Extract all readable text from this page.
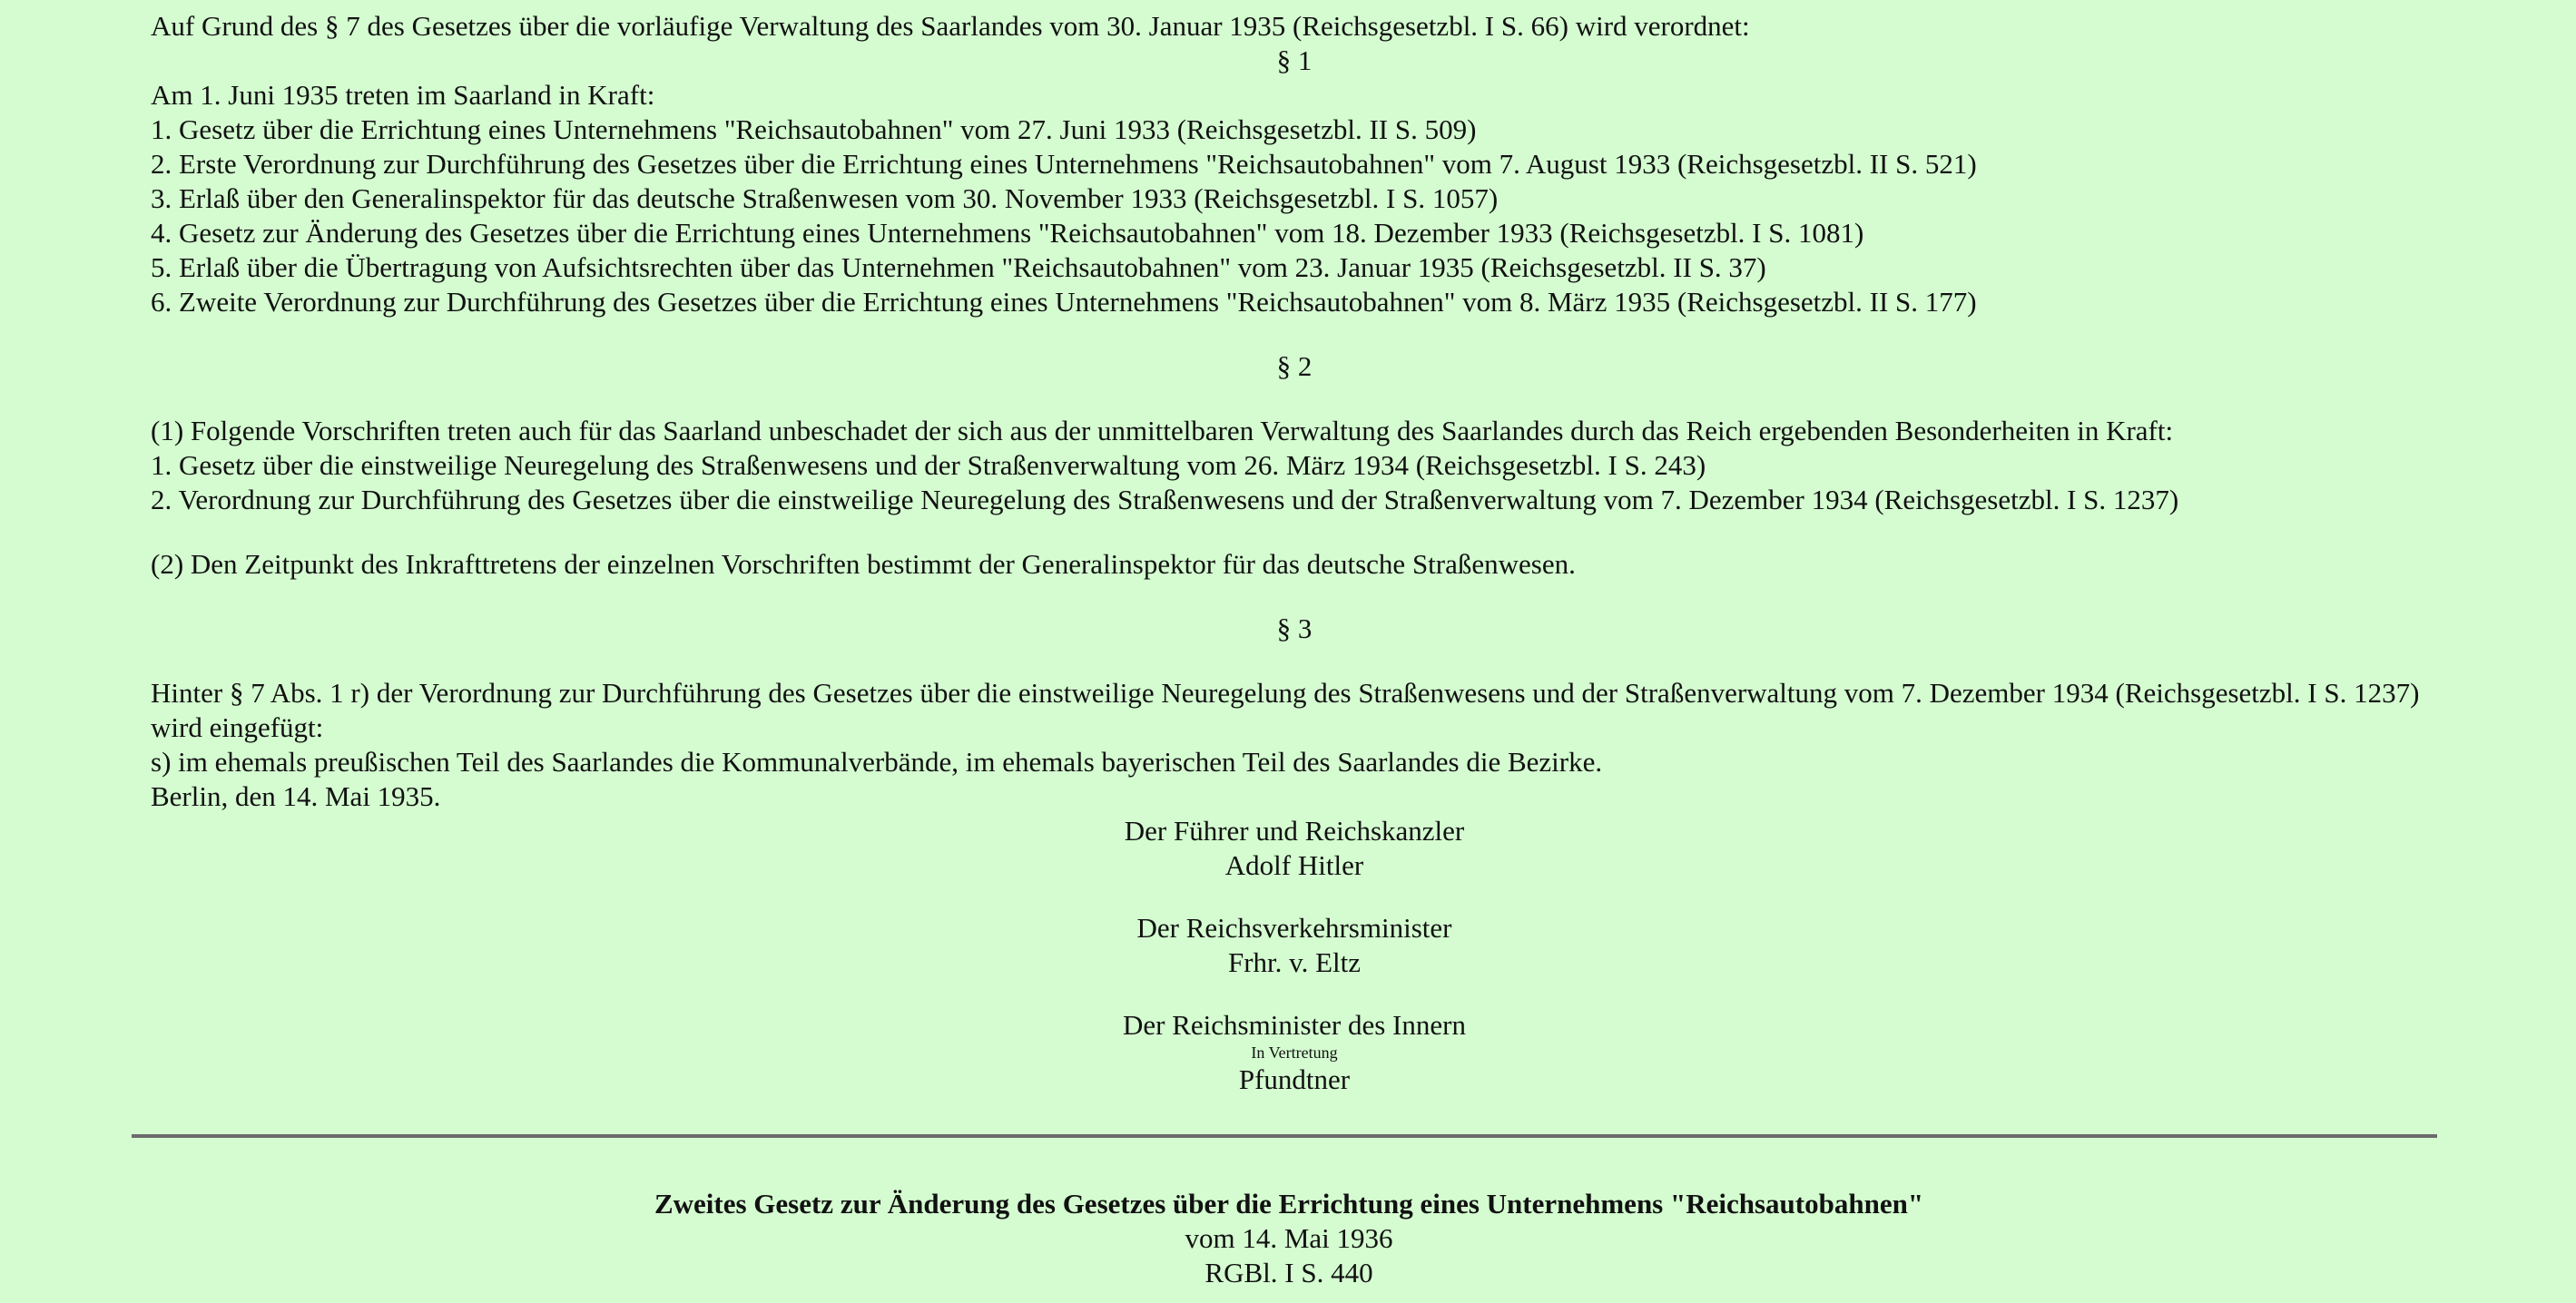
Auf Grund des § 7 des Gesetzes über die vorläufige Verwaltung des Saarlandes vom 30. Januar 1935 (Reichsgesetzbl. I S. 66) wird verordnet:

§ 1

Am 1. Juni 1935 treten im Saarland in Kraft:

1. Gesetz über die Errichtung eines Unternehmens "Reichsautobahnen" vom 27. Juni 1933 (Reichsgesetzbl. II S. 509)

2. Erste Verordnung zur Durchführung des Gesetzes über die Errichtung eines Unternehmens "Reichsautobahnen" vom 7. August 1933 (Reichsgesetzbl. II S. 521)

3. Erlaß über den Generalinspektor für das deutsche Straßenwesen vom 30. November 1933 (Reichsgesetzbl. I S. 1057)

4. Gesetz zur Änderung des Gesetzes über die Errichtung eines Unternehmens "Reichsautobahnen" vom 18. Dezember 1933 (Reichsgesetzbl. I S. 1081)

5. Erlaß über die Übertragung von Aufsichtsrechten über das Unternehmen "Reichsautobahnen" vom 23. Januar 1935 (Reichsgesetzbl. II S. 37)

6. Zweite Verordnung zur Durchführung des Gesetzes über die Errichtung eines Unternehmens "Reichsautobahnen" vom 8. März 1935 (Reichsgesetzbl. II S. 177)

§ 2

(1) Folgende Vorschriften treten auch für das Saarland unbeschadet der sich aus der unmittelbaren Verwaltung des Saarlandes durch das Reich ergebenden Besonderheiten in Kraft:

1. Gesetz über die einstweilige Neuregelung des Straßenwesens und der Straßenverwaltung vom 26. März 1934 (Reichsgesetzbl. I S. 243)

2. Verordnung zur Durchführung des Gesetzes über die einstweilige Neuregelung des Straßenwesens und der Straßenverwaltung vom 7. Dezember 1934 (Reichsgesetzbl. I S. 1237)

(2) Den Zeitpunkt des Inkrafttretens der einzelnen Vorschriften bestimmt der Generalinspektor für das deutsche Straßenwesen.

§ 3

Hinter § 7 Abs. 1 r) der Verordnung zur Durchführung des Gesetzes über die einstweilige Neuregelung des Straßenwesens und der Straßenverwaltung vom 7. Dezember 1934 (Reichsgesetzbl. I S. 1237) wird eingefügt:

s) im ehemals preußischen Teil des Saarlandes die Kommunalverbände, im ehemals bayerischen Teil des Saarlandes die Bezirke.

Berlin, den 14. Mai 1935.

Der Führer und Reichskanzler

Adolf Hitler

Der Reichsverkehrsminister

Frhr. v. Eltz

Der Reichsminister des Innern

In Vertretung

Pfundtner

Zweites Gesetz zur Änderung des Gesetzes über die Errichtung eines Unternehmens "Reichsautobahnen"

vom 14. Mai 1936

RGBl. I S. 440
